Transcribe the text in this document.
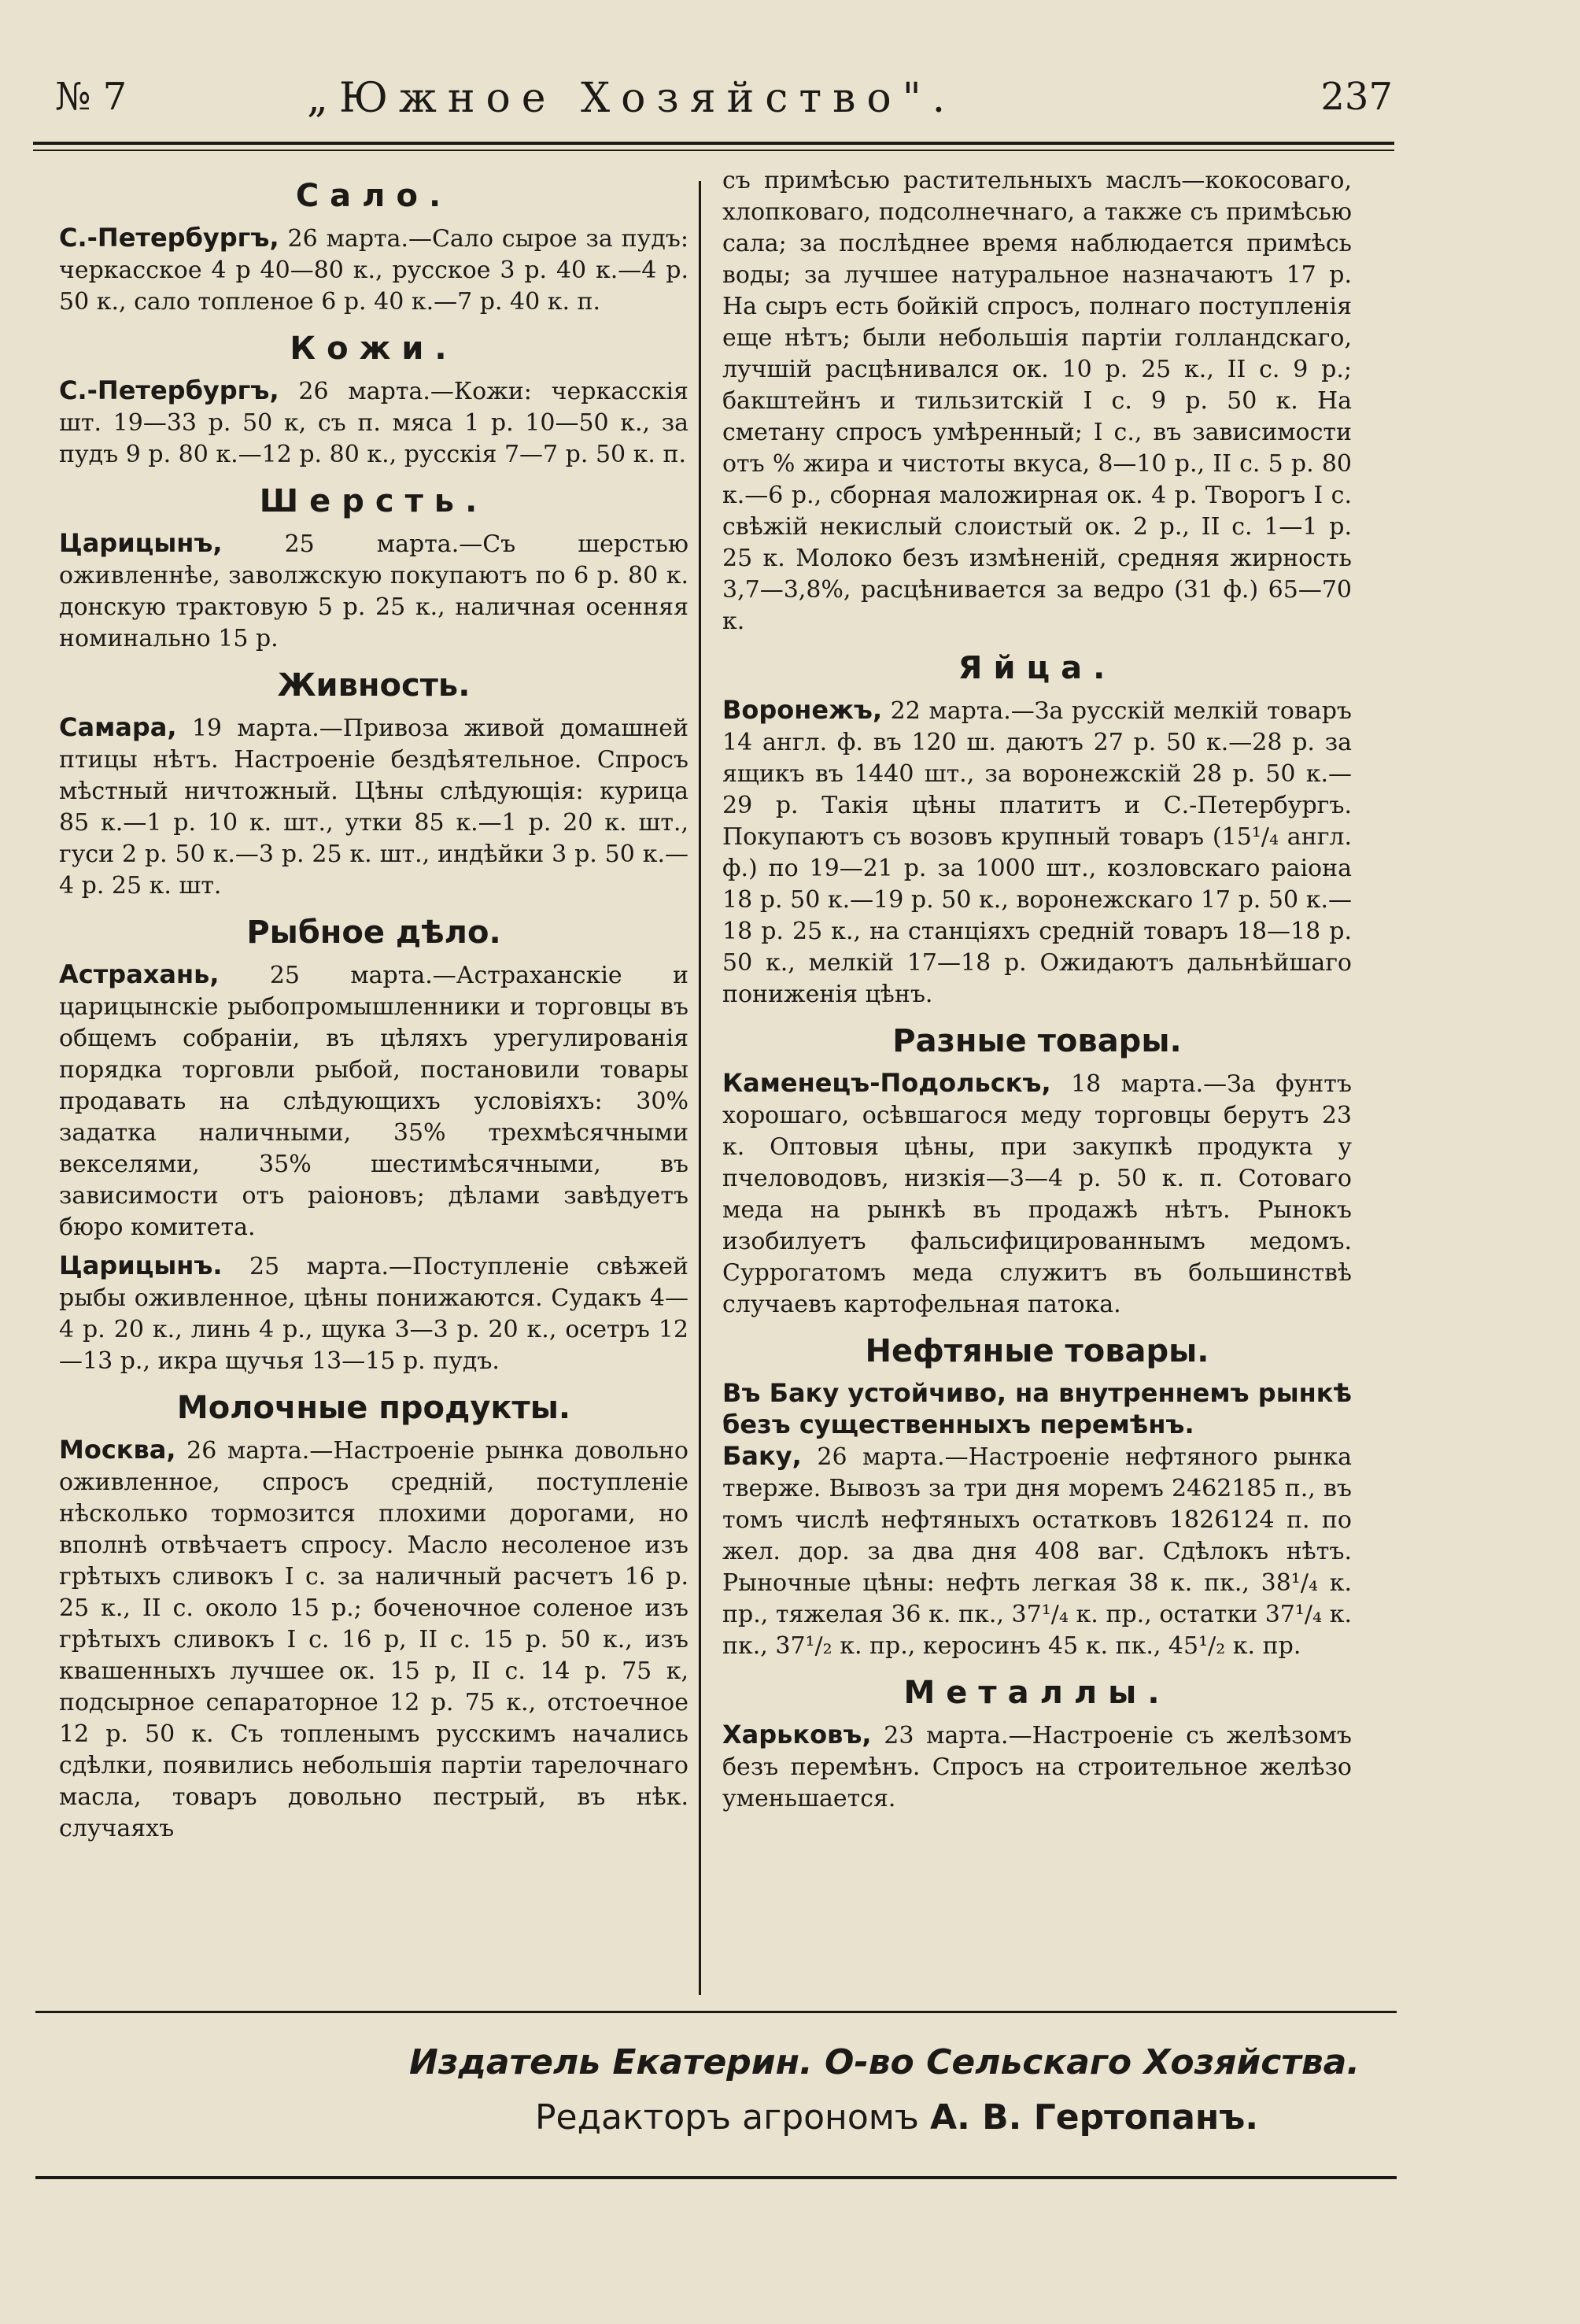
№ 7	„Южное Хозяйство".	237
Сало.

С.-Петербургъ, 26 марта.—Сало сырое за пудъ: черкасское 4 р 40—80 к., русское 3 р. 40 к.—4 р. 50 к., сало топленое 6 р. 40 к.—7 р. 40 к. п.

Кожи.

С.-Петербургъ, 26 марта.—Кожи: черкасскія шт. 19—33 р. 50 к, съ п. мяса 1 р. 10—50 к., за пудъ 9 р. 80 к.—12 р. 80 к., русскія 7—7 р. 50 к. п.

Шерсть.

Царицынъ,	25 марта.—Съ шерстью оживленнѣе, заволжскую покупаютъ по 6 р. 80 к. донскую трактовую 5 р. 25 к., наличная осенняя номинально 15 р.

Живность.

Самара, 19 марта.—Привоза живой домашней птицы нѣтъ. Настроеніе бездѣятельное. Спросъ мѣстный ничтожный. Цѣны слѣдующія: курица 85 к.—1 р. 10 к. шт., утки 85 к.—1 р. 20 к. шт., гуси 2 р. 50 к.—3 р. 25 к. шт., индѣйки 3 р. 50 к.—4 р. 25 к. шт.

Рыбное дѣло.

Астрахань, 25 марта.—Астраханскіе и царицынскіе рыбопромышленники и торговцы въ общемъ собраніи, въ цѣляхъ урегулированія порядка торговли рыбой, постановили товары продавать на слѣдующихъ условіяхъ: 30% задатка наличными, 35% трехмѣсячными векселями, 35% шестимѣсячными, въ зависимости отъ раіоновъ; дѣлами завѣдуетъ бюро комитета.

Царицынъ. 25 марта.—Поступленіе свѣжей рыбы оживленное, цѣны понижаются. Судакъ 4—4 р. 20 к., линь 4 р., щука 3—3 р. 20 к., осетръ 12—13 р., икра щучья 13—15 р. пудъ.

Молочные продукты.

Москва, 26 марта.—Настроеніе рынка довольно оживленное, спросъ средній, поступленіе нѣсколько тормозится плохими дорогами, но вполнѣ отвѣчаетъ спросу. Масло несоленое изъ грѣтыхъ сливокъ I с. за наличный расчетъ 16 р. 25 к., II с. около 15 р.; боченочное соленое изъ грѣтыхъ сливокъ I с. 16 р, II с. 15 р. 50 к., изъ квашенныхъ лучшее ок. 15 р, II с. 14 р. 75 к, подсырное сепараторное 12 р. 75 к., отстоечное 12 р. 50 к. Съ топленымъ русскимъ начались сдѣлки, появились небольшія партіи тарелочнаго масла, товаръ довольно пестрый, въ нѣк. случаяхъ

съ примѣсью растительныхъ маслъ—кокосоваго, хлопковаго, подсолнечнаго, а также съ примѣсью сала; за послѣднее время наблюдается примѣсь воды; за лучшее натуральное назначаютъ 17 р. На сыръ есть бойкій спросъ, полнаго поступленія еще нѣтъ; были небольшія партіи голландскаго, лучшій расцѣнивался ок. 10 р. 25 к., II с. 9 р.; бакштейнъ и тильзитскій I с. 9 р. 50 к. На сметану спросъ умѣренный; I с., въ зависимости отъ % жира и чистоты вкуса, 8—10 р., II с. 5 р. 80 к.—6 р., сборная маложирная ок. 4 р. Творогъ I с. свѣжій некислый слоистый ок. 2 р., II с. 1—1 р. 25 к. Молоко безъ измѣненій, средняя жирность 3,7—3,8%, расцѣнивается за ведро (31 ф.) 65—70 к.

Яйца.

Воронежъ, 22 марта.—За русскій мелкій товаръ 14 англ. ф. въ 120 ш. даютъ 27 р. 50 к.—28 р. за ящикъ въ 1440 шт., за воронежскій 28 р. 50 к.—29 р. Такія цѣны платитъ и С.-Петербургъ. Покупаютъ съ возовъ крупный товаръ (15¹/₄ англ. ф.) по 19—21 р. за 1000 шт., козловскаго раіона 18 р. 50 к.—19 р. 50 к., воронежскаго 17 р. 50 к.—18 р. 25 к., на станціяхъ средній товаръ 18—18 р. 50 к., мелкій 17—18 р. Ожидаютъ дальнѣйшаго пониженія цѣнъ.

Разные товары.

Каменецъ-Подольскъ, 18 марта.—За фунтъ хорошаго, осѣвшагося меду торговцы берутъ 23 к. Оптовыя цѣны, при закупкѣ продукта у пчеловодовъ, низкія—3—4 р. 50 к. п. Сотоваго меда на рынкѣ въ продажѣ нѣтъ. Рынокъ изобилуетъ фальсифицированнымъ медомъ. Суррогатомъ меда служитъ въ большинствѣ случаевъ картофельная патока.

Нефтяные товары.

Въ Баку устойчиво, на внутреннемъ рынкѣ безъ существенныхъ перемѣнъ.

Баку, 26 марта.—Настроеніе нефтяного рынка тверже. Вывозъ за три дня моремъ 2462185 п., въ томъ числѣ нефтяныхъ остатковъ 1826124 п. по жел. дор. за два дня 408 ваг. Сдѣлокъ нѣтъ. Рыночные цѣны: нефть легкая 38 к. пк., 38¹/₄ к. пр., тяжелая 36 к. пк., 37¹/₄ к. пр., остатки 37¹/₄ к. пк., 37¹/₂ к. пр., керосинъ 45 к. пк., 45¹/₂ к. пр.

Металлы.

Харьковъ, 23 марта.—Настроеніе съ желѣзомъ безъ перемѣнъ. Спросъ на строительное желѣзо уменьшается.

Издатель Екатерин. О-во Сельскаго Хозяйства.
Редакторъ агрономъ А. В. Гертопанъ.
